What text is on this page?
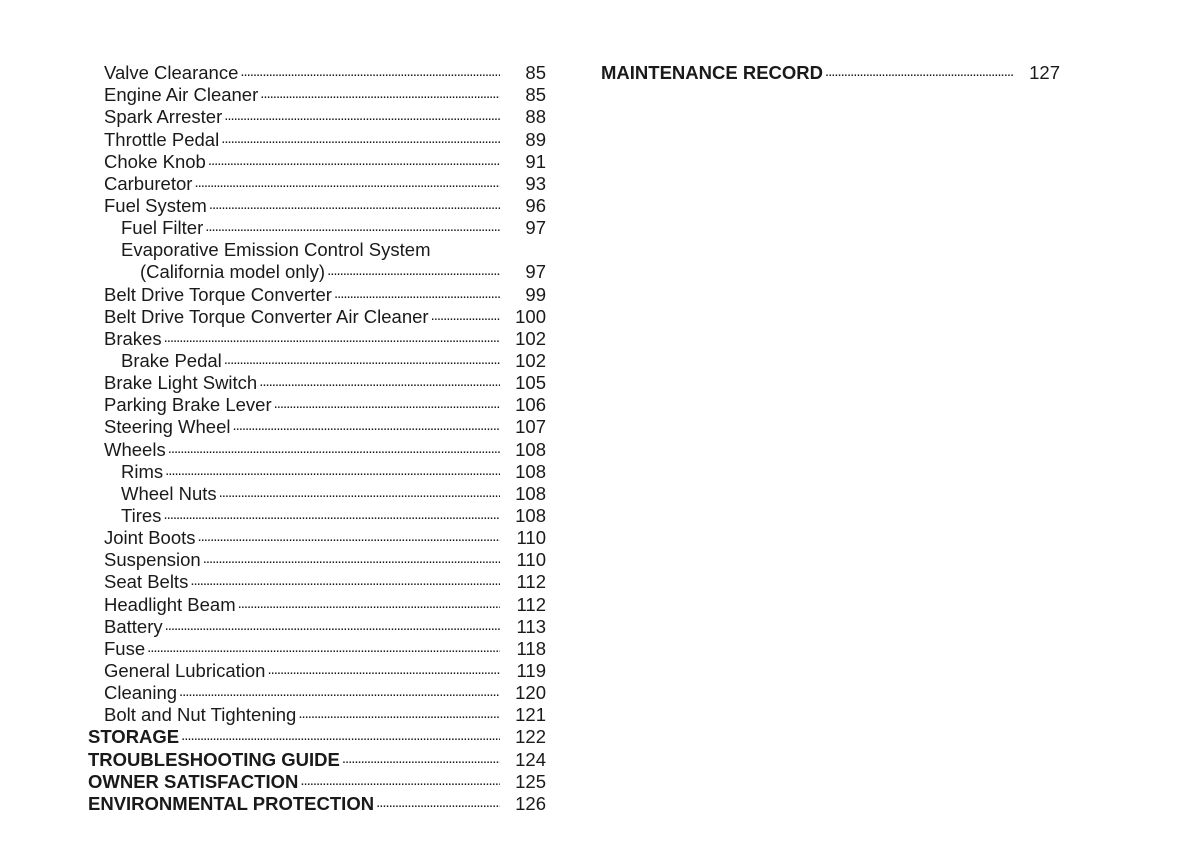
Valve Clearance . . .	85
Engine Air Cleaner . . .	85
Spark Arrester . . .	88
Throttle Pedal . . .	89
Choke Knob . . .	91
Carburetor . . .	93
Fuel System . . .	96
Fuel Filter . . .	97
Evaporative Emission Control System
(California model only) . . .	97
Belt Drive Torque Converter . . .	99
Belt Drive Torque Converter Air Cleaner . . .	100
Brakes . . .	102
Brake Pedal . . .	102
Brake Light Switch . . .	105
Parking Brake Lever . . .	106
Steering Wheel . . .	107
Wheels . . .	108
Rims . . .	108
Wheel Nuts . . .	108
Tires . . .	108
Joint Boots . . .	110
Suspension . . .	110
Seat Belts . . .	112
Headlight Beam . . .	112
Battery . . .	113
Fuse . . .	118
General Lubrication . . .	119
Cleaning . . .	120
Bolt and Nut Tightening . . .	121
STORAGE . . .	122
TROUBLESHOOTING GUIDE . . .	124
OWNER SATISFACTION . . .	125
ENVIRONMENTAL PROTECTION . . .	126
MAINTENANCE RECORD . . .	127
